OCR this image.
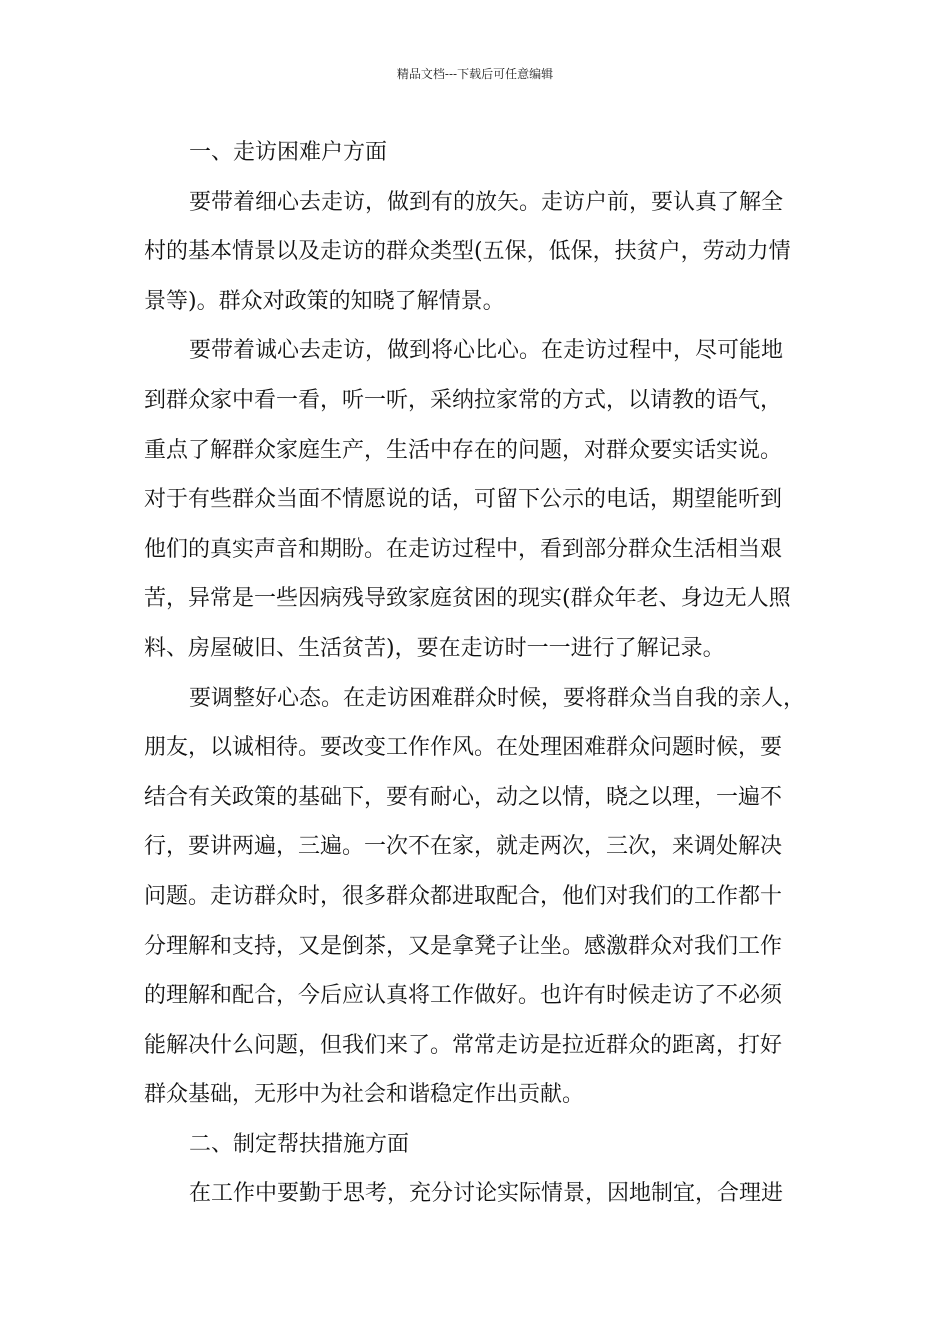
精品文档---下载后可任意编辑
一、走访困难户方面
要带着细心去走访，做到有的放矢。走访户前，要认真了解全
村的基本情景以及走访的群众类型(五保，低保，扶贫户，劳动力情
景等)。群众对政策的知晓了解情景。
要带着诚心去走访，做到将心比心。在走访过程中，尽可能地
到群众家中看一看，听一听，采纳拉家常的方式，以请教的语气，
重点了解群众家庭生产，生活中存在的问题，对群众要实话实说。
对于有些群众当面不情愿说的话，可留下公示的电话，期望能听到
他们的真实声音和期盼。在走访过程中，看到部分群众生活相当艰
苦，异常是一些因病残导致家庭贫困的现实(群众年老、身边无人照
料、房屋破旧、生活贫苦)，要在走访时一一进行了解记录。
要调整好心态。在走访困难群众时候，要将群众当自我的亲人，
朋友，以诚相待。要改变工作作风。在处理困难群众问题时候，要
结合有关政策的基础下，要有耐心，动之以情，晓之以理，一遍不
行，要讲两遍，三遍。一次不在家，就走两次，三次，来调处解决
问题。走访群众时，很多群众都进取配合，他们对我们的工作都十
分理解和支持，又是倒茶，又是拿凳子让坐。感激群众对我们工作
的理解和配合，今后应认真将工作做好。也许有时候走访了不必须
能解决什么问题，但我们来了。常常走访是拉近群众的距离，打好
群众基础，无形中为社会和谐稳定作出贡献。
二、制定帮扶措施方面
在工作中要勤于思考，充分讨论实际情景，因地制宜，合理进
